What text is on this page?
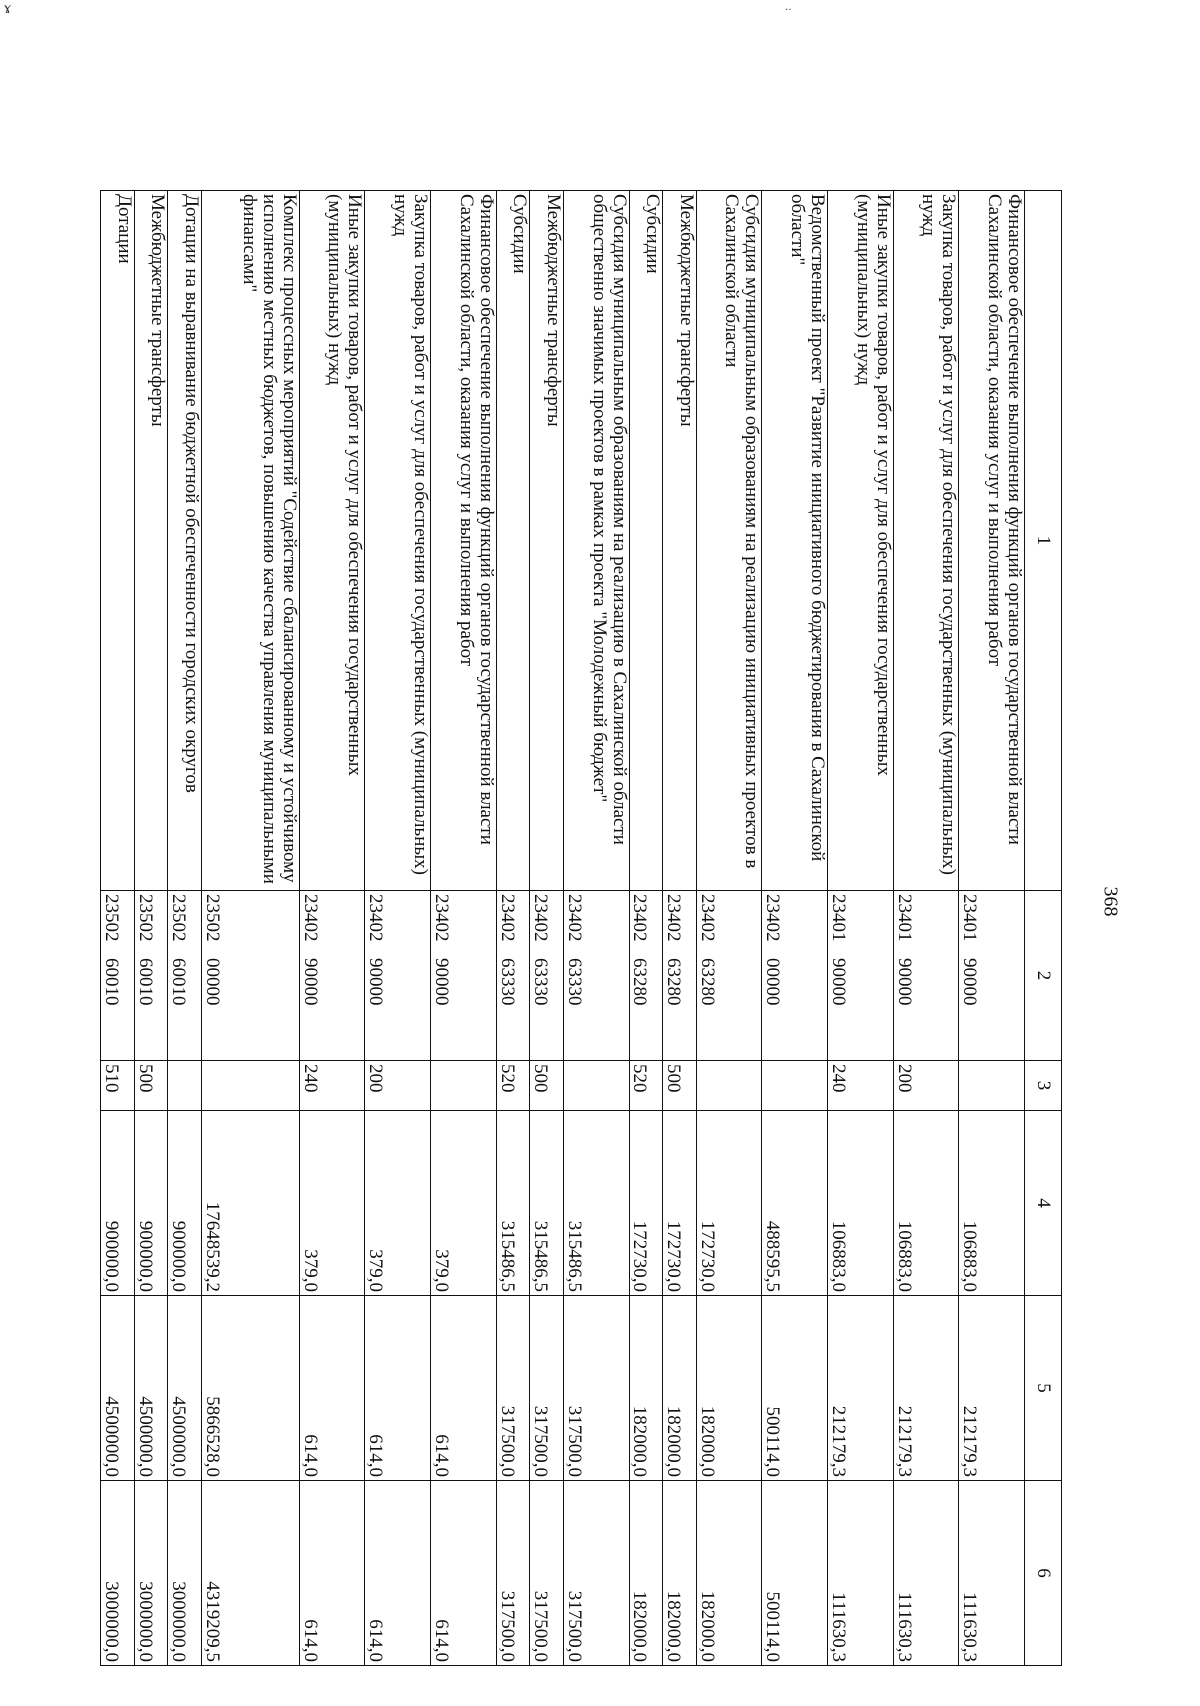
ɤ	‥
368
1	2	3	4	5	6
Финансовое обеспечение выполнения функций органов государственной власти Сахалинской области, оказания услуг и выполнения работ	2340190000		106883,0	212179,3	111630,3
Закупка товаров, работ и услуг для обеспечения государственных (муниципальных) нужд	2340190000	200	106883,0	212179,3	111630,3
Иные закупки товаров, работ и услуг для обеспечения государственных (муниципальных) нужд	2340190000	240	106883,0	212179,3	111630,3
Ведомственный проект "Развитие инициативного бюджетирования в Сахалинской области"	2340200000		488595,5	500114,0	500114,0
Субсидия муниципальным образованиям на реализацию инициативных проектов в Сахалинской области	2340263280		172730,0	182000,0	182000,0
Межбюджетные трансферты	2340263280	500	172730,0	182000,0	182000,0
Субсидии	2340263280	520	172730,0	182000,0	182000,0
Субсидия муниципальным образованиям на реализацию в Сахалинской области общественно значимых проектов в рамках проекта "Молодежный бюджет"	2340263330		315486,5	317500,0	317500,0
Межбюджетные трансферты	2340263330	500	315486,5	317500,0	317500,0
Субсидии	2340263330	520	315486,5	317500,0	317500,0
Финансовое обеспечение выполнения функций органов государственной власти Сахалинской области, оказания услуг и выполнения работ	2340290000		379,0	614,0	614,0
Закупка товаров, работ и услуг для обеспечения государственных (муниципальных) нужд	2340290000	200	379,0	614,0	614,0
Иные закупки товаров, работ и услуг для обеспечения государственных (муниципальных) нужд	2340290000	240	379,0	614,0	614,0
Комплекс процессных мероприятий "Содействие сбалансированному и устойчивому исполнению местных бюджетов, повышению качества управления муниципальными финансами"	2350200000		17648539,2	5866528,0	4319209,5
Дотации на выравнивание бюджетной обеспеченности городских округов	2350260010		900000,0	4500000,0	3000000,0
Межбюджетные трансферты	2350260010	500	900000,0	4500000,0	3000000,0
Дотации	2350260010	510	900000,0	4500000,0	3000000,0
